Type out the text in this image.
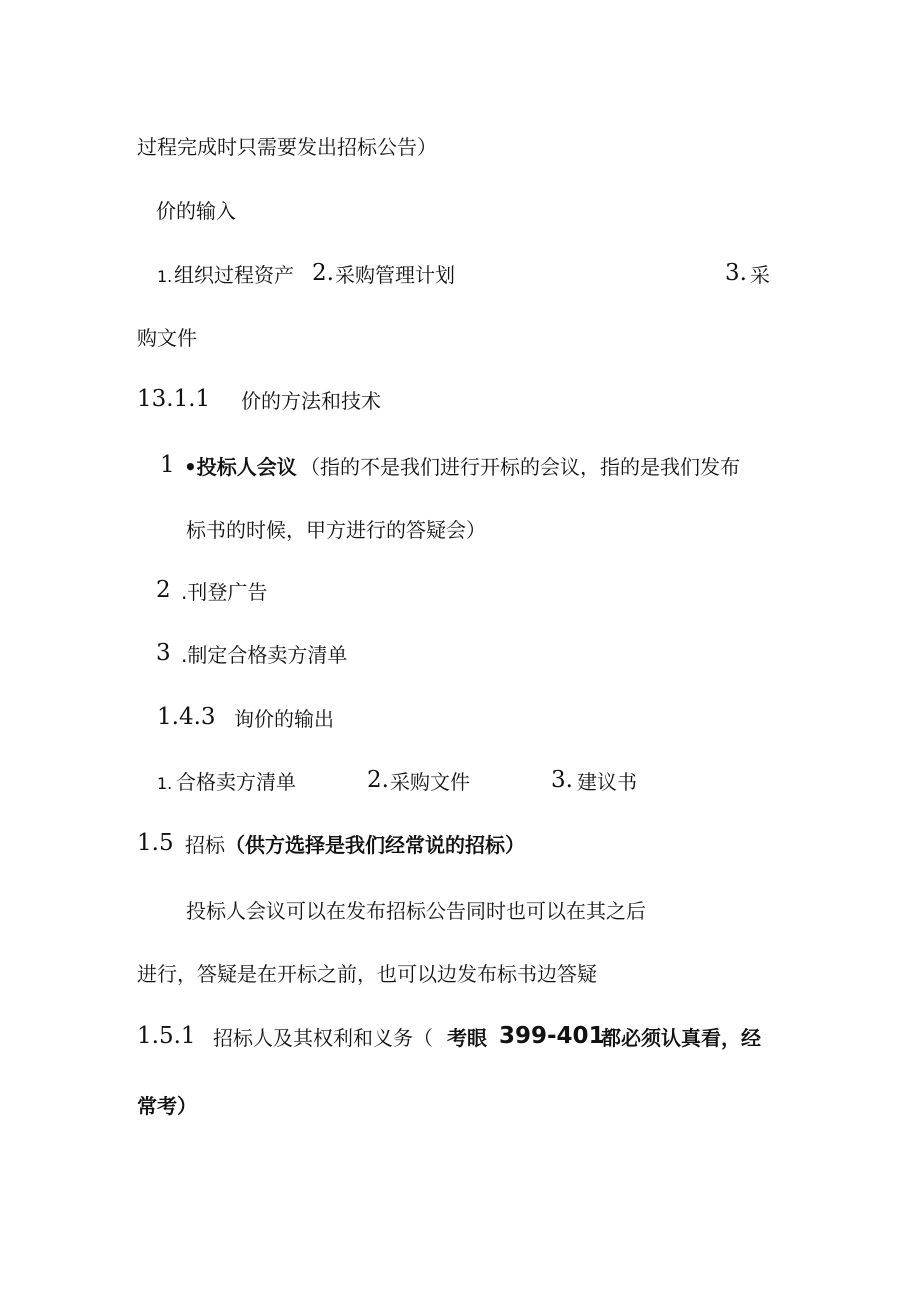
过程完成时只需要发出招标公告）
价的输入
1. 组织过程资产 2. 采购管理计划	3. 采
购文件
13.1.1 价的方法和技术
1 •投标人会议 （指的不是我们进行开标的会议，指的是我们发布
标书的时候，甲方进行的答疑会）
2 .刊登广告
3 .制定合格卖方清单
1.4.3 询价的输出
1. 合格卖方清单	2. 采购文件	3. 建议书
1.5 招标 （供方选择是我们经常说的招标）
投标人会议可以在发布招标公告同时也可以在其之后
进行，答疑是在开标之前，也可以边发布标书边答疑
1.5.1 招标人及其权利和义务（ 考眼 399-401
都必须认真看，经
常考）
